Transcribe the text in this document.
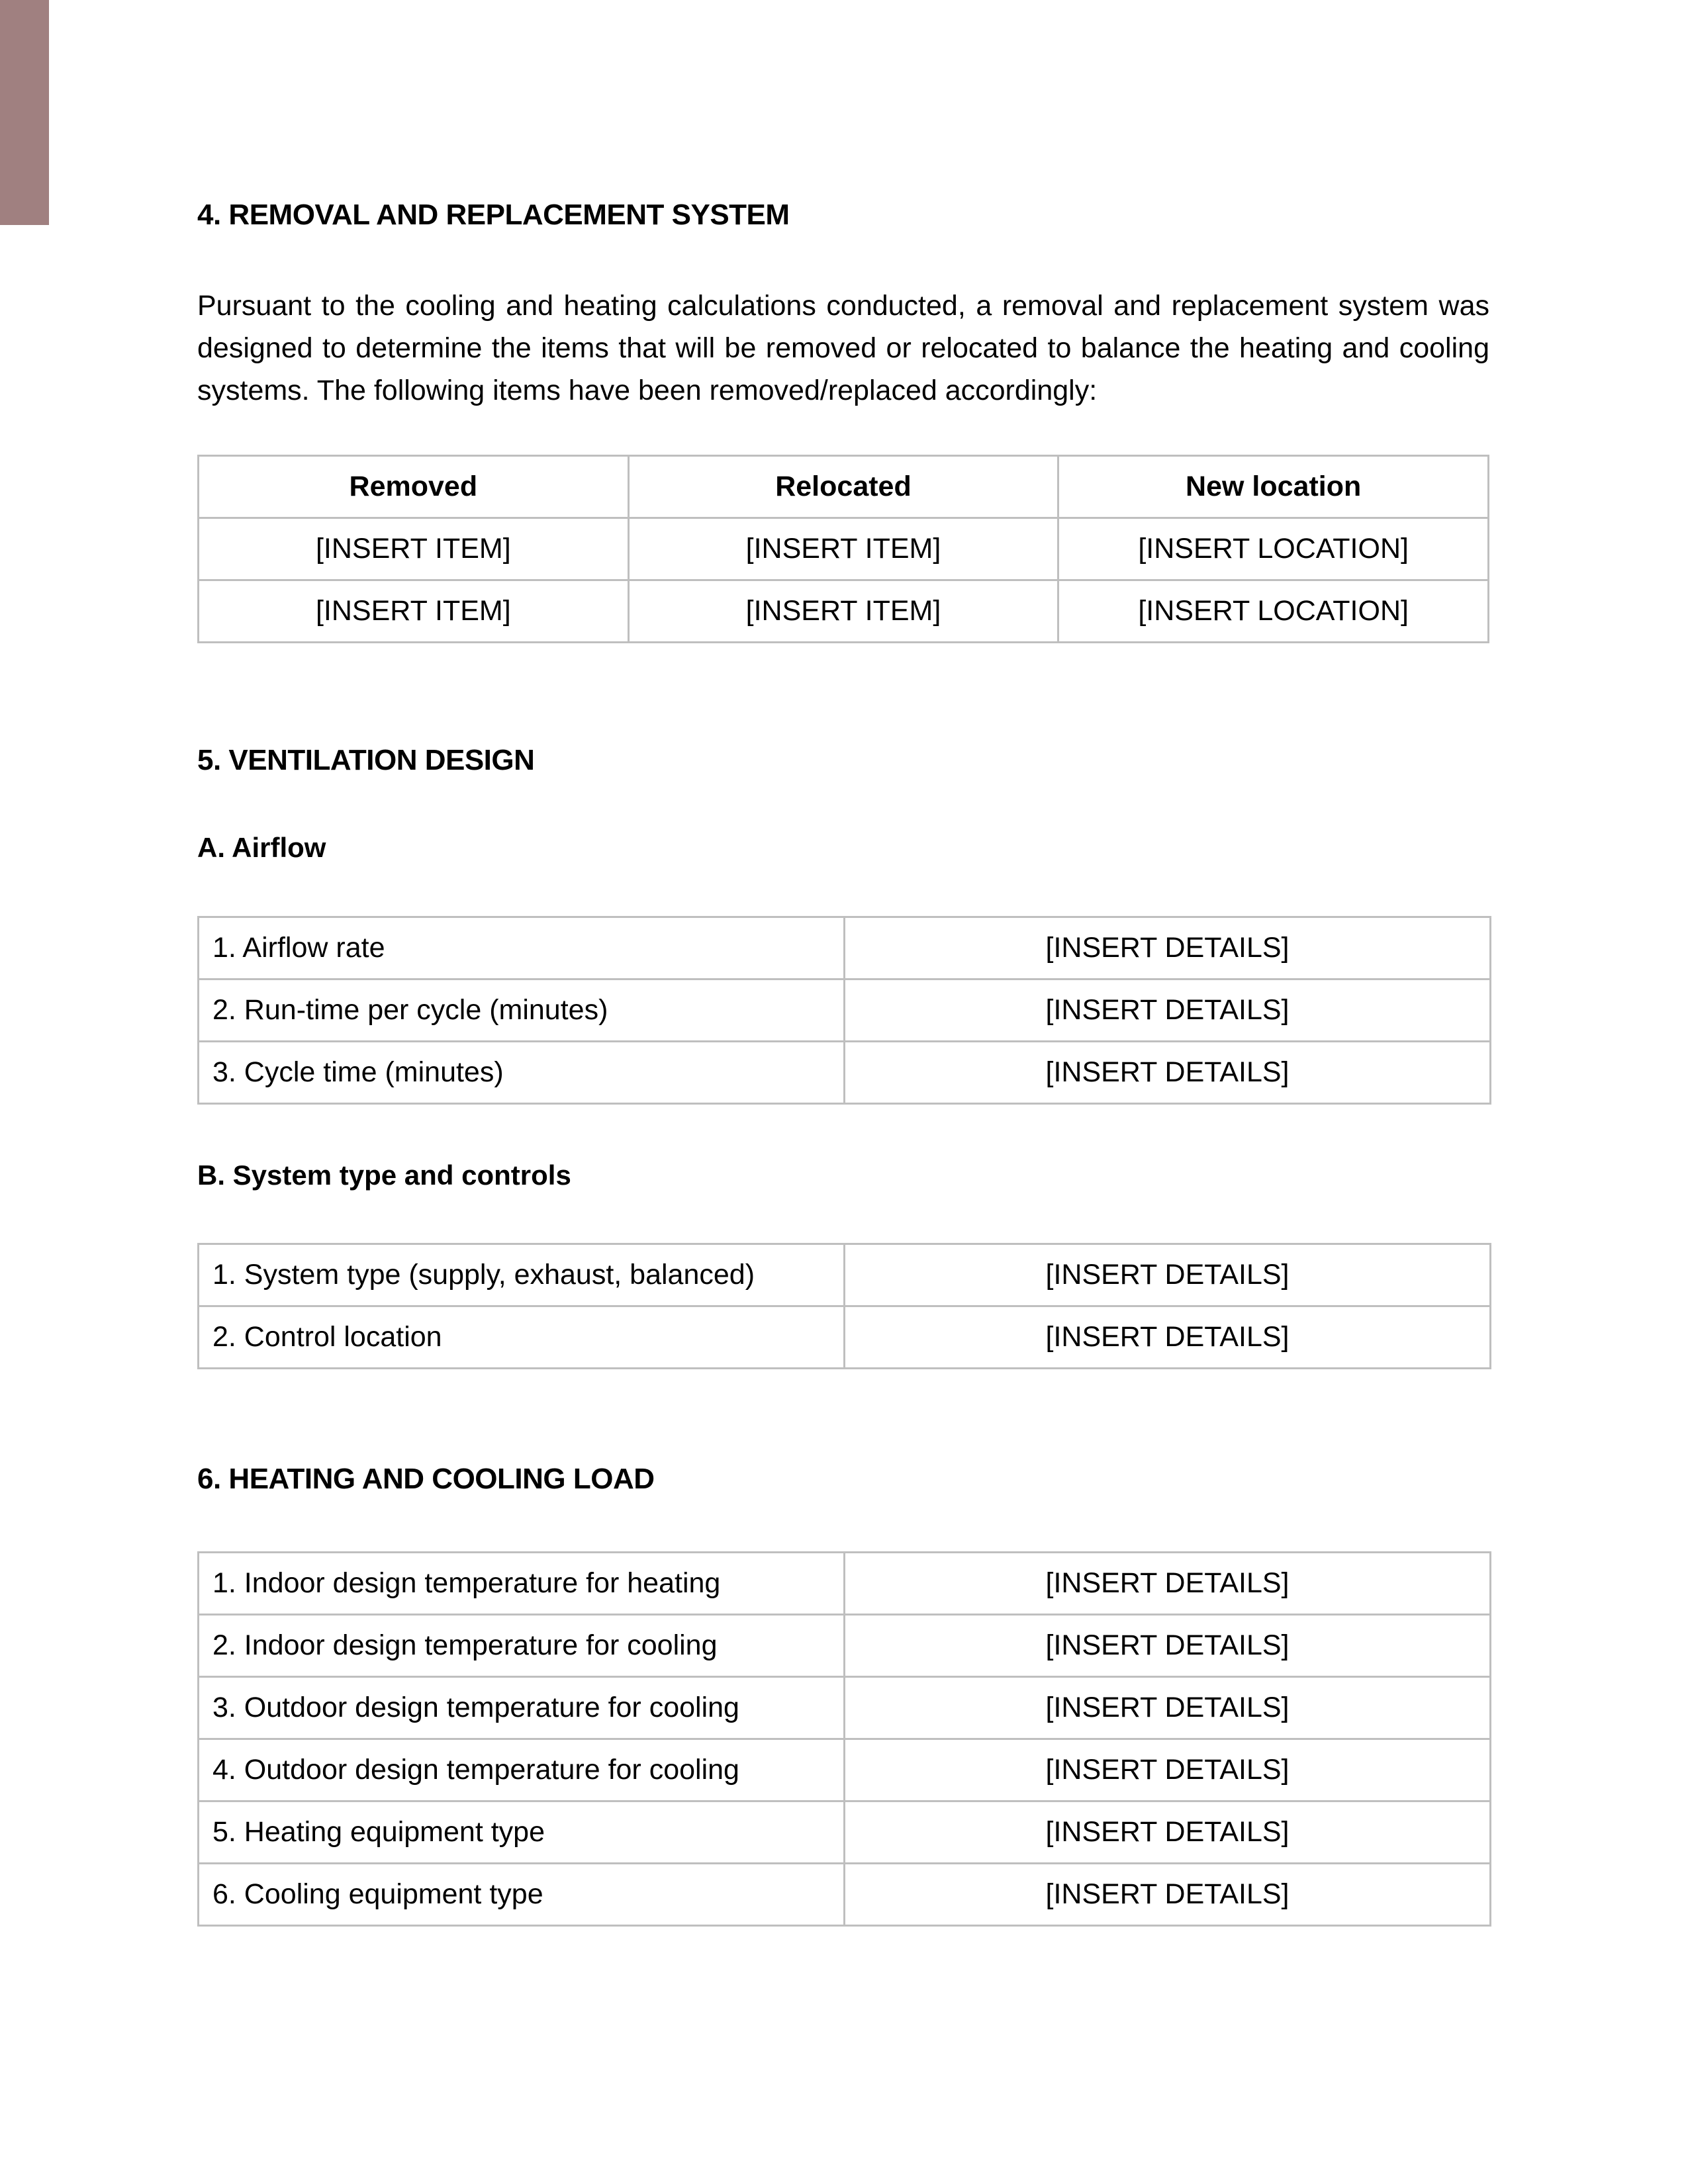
4. REMOVAL AND REPLACEMENT SYSTEM

Pursuant to the cooling and heating calculations conducted, a removal and replacement system was designed to determine the items that will be removed or relocated to balance the heating and cooling systems. The following items have been removed/replaced accordingly:

Removed	Relocated	New location
[INSERT ITEM]	[INSERT ITEM]	[INSERT LOCATION]
[INSERT ITEM]	[INSERT ITEM]	[INSERT LOCATION]
5. VENTILATION DESIGN
A. Airflow
1. Airflow rate	[INSERT DETAILS]
2. Run-time per cycle (minutes)	[INSERT DETAILS]
3. Cycle time (minutes)	[INSERT DETAILS]
B. System type and controls
1. System type (supply, exhaust, balanced)	[INSERT DETAILS]
2. Control location	[INSERT DETAILS]
6. HEATING AND COOLING LOAD
1. Indoor design temperature for heating	[INSERT DETAILS]
2. Indoor design temperature for cooling	[INSERT DETAILS]
3. Outdoor design temperature for cooling	[INSERT DETAILS]
4. Outdoor design temperature for cooling	[INSERT DETAILS]
5. Heating equipment type	[INSERT DETAILS]
6. Cooling equipment type	[INSERT DETAILS]
